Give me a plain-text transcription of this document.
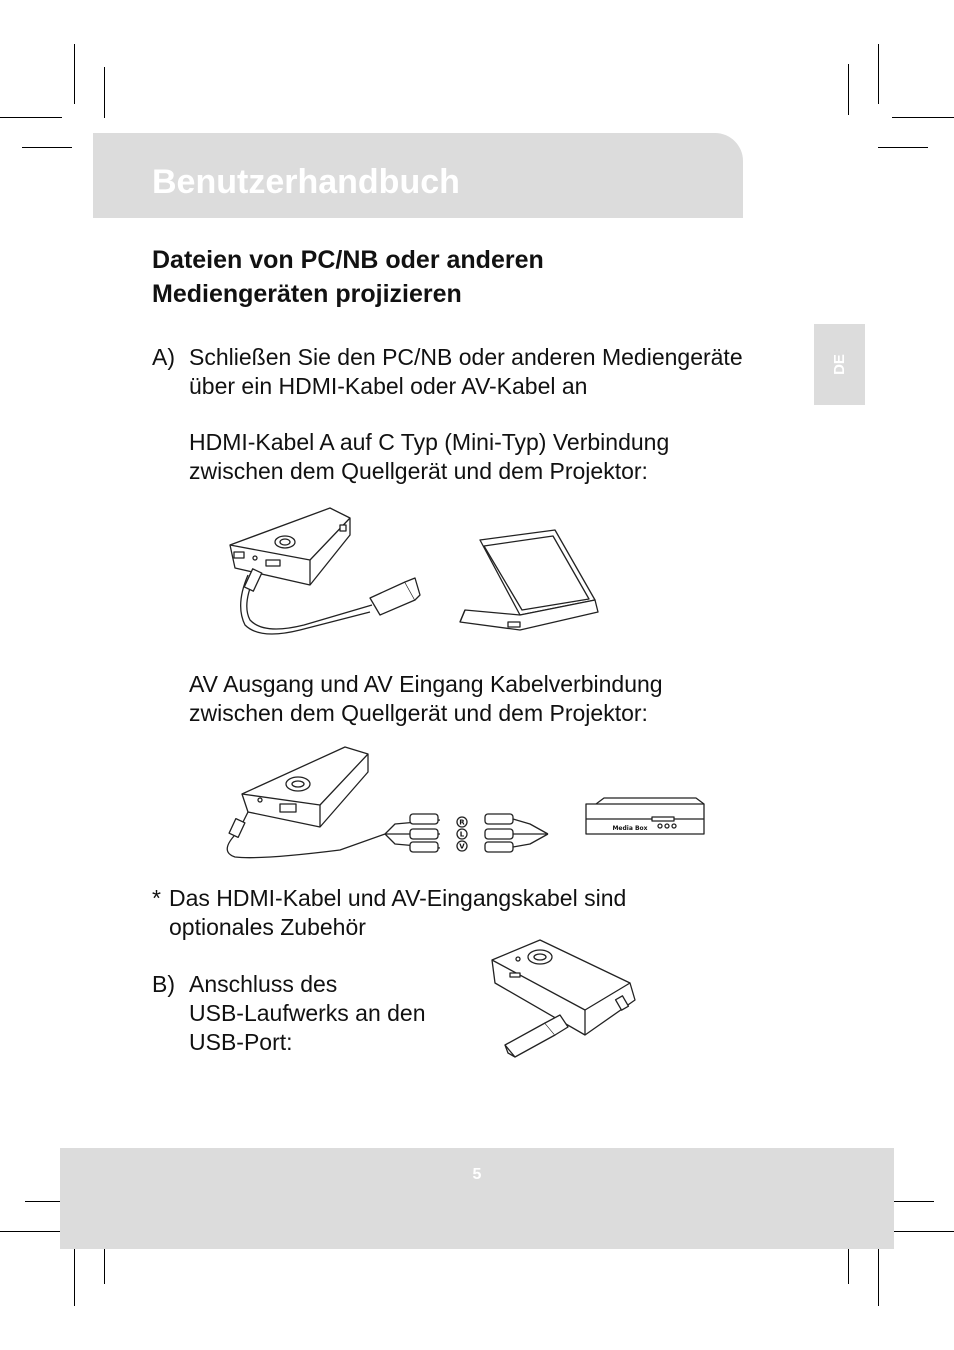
Benutzerhandbuch
DE
Dateien von PC/NB oder anderen
Mediengeräten projizieren
A) Schließen Sie den PC/NB oder anderen Mediengeräte
über ein HDMI-Kabel oder AV-Kabel an
HDMI-Kabel A auf C Typ (Mini-Typ) Verbindung
zwischen dem Quellgerät und dem Projektor:
AV Ausgang und AV Eingang Kabelverbindung
zwischen dem Quellgerät und dem Projektor:
R
L
V
Media Box
* Das HDMI-Kabel und AV-Eingangskabel sind
optionales Zubehör
B) Anschluss des
USB-Laufwerks an den
USB-Port:
5
